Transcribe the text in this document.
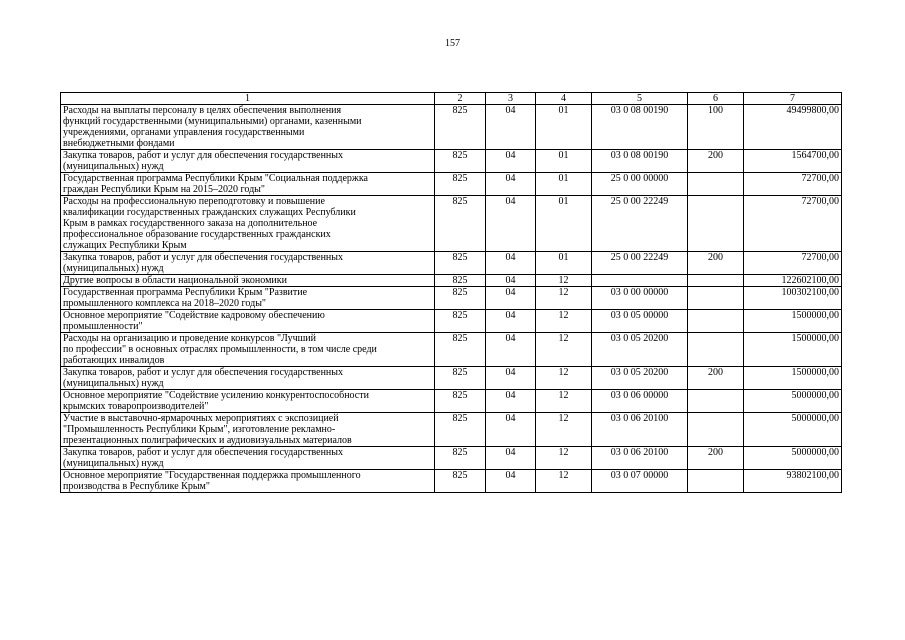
157
1	2	3	4	5	6	7

Расходы на выплаты персоналу в целях обеспечения выполнения
функций государственными (муниципальными) органами, казенными
учреждениями, органами управления государственными
внебюджетными фондами	825	04	01	03 0 08 00190	100	49499800,00

Закупка товаров, работ и услуг для обеспечения государственных
(муниципальных) нужд	825	04	01	03 0 08 00190	200	1564700,00

Государственная программа Республики Крым "Социальная поддержка
граждан Республики Крым на 2015–2020 годы"	825	04	01	25 0 00 00000		72700,00

Расходы на профессиональную переподготовку и повышение
квалификации государственных гражданских служащих Республики
Крым в рамках государственного заказа на дополнительное
профессиональное образование государственных гражданских
служащих Республики Крым	825	04	01	25 0 00 22249		72700,00

Закупка товаров, работ и услуг для обеспечения государственных
(муниципальных) нужд	825	04	01	25 0 00 22249	200	72700,00

Другие вопросы в области национальной экономики	825	04	12			122602100,00

Государственная программа Республики Крым "Развитие
промышленного комплекса на 2018–2020 годы"	825	04	12	03 0 00 00000		100302100,00

Основное мероприятие "Содействие кадровому обеспечению
промышленности"	825	04	12	03 0 05 00000		1500000,00

Расходы на организацию и проведение конкурсов "Лучший
по профессии" в основных отраслях промышленности, в том числе среди
работающих инвалидов	825	04	12	03 0 05 20200		1500000,00

Закупка товаров, работ и услуг для обеспечения государственных
(муниципальных) нужд	825	04	12	03 0 05 20200	200	1500000,00

Основное мероприятие "Содействие усилению конкурентоспособности
крымских товаропроизводителей"	825	04	12	03 0 06 00000		5000000,00

Участие в выставочно-ярмарочных мероприятиях с экспозицией
"Промышленность Республики Крым", изготовление рекламно-
презентационных полиграфических и аудиовизуальных материалов	825	04	12	03 0 06 20100		5000000,00

Закупка товаров, работ и услуг для обеспечения государственных
(муниципальных) нужд	825	04	12	03 0 06 20100	200	5000000,00

Основное мероприятие "Государственная поддержка промышленного
производства в Республике Крым"	825	04	12	03 0 07 00000		93802100,00
